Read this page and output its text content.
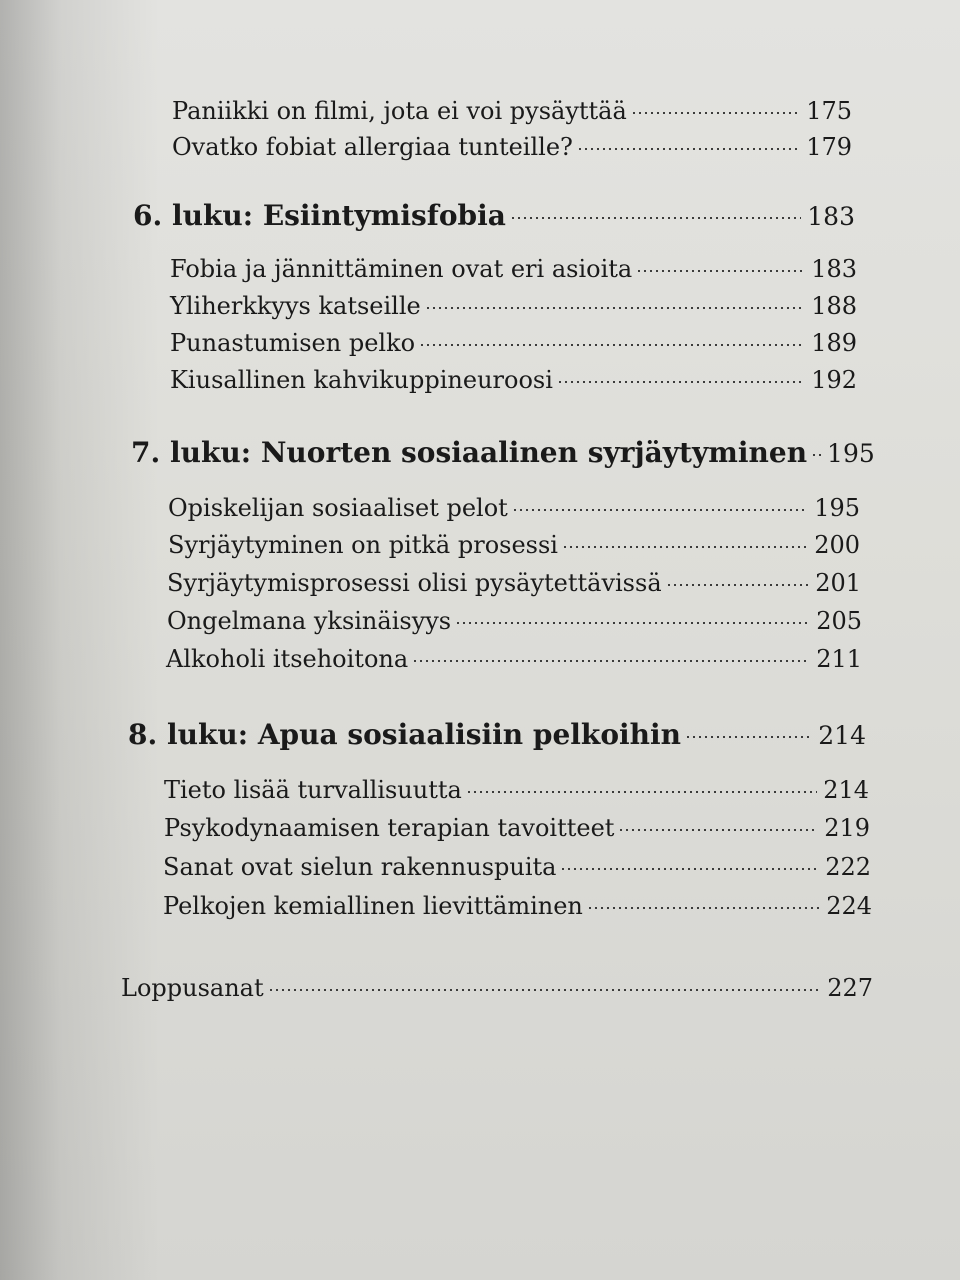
Paniikki on filmi, jota ei voi pysäyttää	175
Ovatko fobiat allergiaa tunteille?	179
6. luku: Esiintymisfobia	183
Fobia ja jännittäminen ovat eri asioita	183
Yliherkkyys katseille	188
Punastumisen pelko	189
Kiusallinen kahvikuppineuroosi	192
7. luku: Nuorten sosiaalinen syrjäytyminen 195
Opiskelijan sosiaaliset pelot	195
Syrjäytyminen on pitkä prosessi	200
Syrjäytymisprosessi olisi pysäytettävissä	201
Ongelmana yksinäisyys	205
Alkoholi itsehoitona	211
8. luku: Apua sosiaalisiin pelkoihin	214
Tieto lisää turvallisuutta	214
Psykodynaamisen terapian tavoitteet	219
Sanat ovat sielun rakennuspuita	222
Pelkojen kemiallinen lievittäminen	224
Loppusanat	227
